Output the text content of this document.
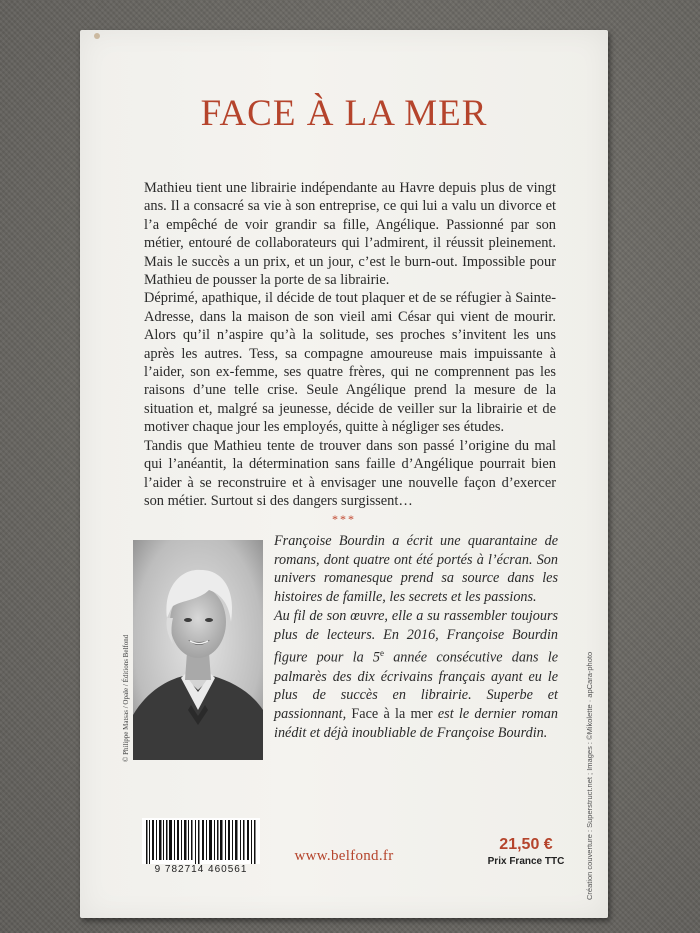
FACE À LA MER

Mathieu tient une librairie indépendante au Havre depuis plus de vingt ans. Il a consacré sa vie à son entreprise, ce qui lui a valu un divorce et l’a empêché de voir grandir sa fille, Angélique. Passionné par son métier, entouré de collaborateurs qui l’admirent, il réussit pleinement. Mais le succès a un prix, et un jour, c’est le burn-out. Impossible pour Mathieu de pousser la porte de sa librairie.

Déprimé, apathique, il décide de tout plaquer et de se réfugier à Sainte-Adresse, dans la maison de son vieil ami César qui vient de mourir. Alors qu’il n’aspire qu’à la solitude, ses proches s’invitent les uns après les autres. Tess, sa compagne amoureuse mais impuissante à l’aider, son ex-femme, ses quatre frères, qui ne comprennent pas les raisons d’une telle crise. Seule Angélique prend la mesure de la situation et, malgré sa jeunesse, décide de veiller sur la librairie et de motiver chaque jour les employés, quitte à négliger ses études.

Tandis que Mathieu tente de trouver dans son passé l’origine du mal qui l’anéantit, la détermination sans faille d’Angélique pourrait bien l’aider à se reconstruire et à envisager une nouvelle façon d’exercer son métier. Surtout si des dangers surgissent…

***
© Philippe Matsas / Opale / Éditions Belfond

Françoise Bourdin a écrit une quarantaine de romans, dont quatre ont été portés à l’écran. Son univers romanesque prend sa source dans les histoires de famille, les secrets et les passions.

Au fil de son œuvre, elle a su rassembler toujours plus de lecteurs. En 2016, Françoise Bourdin figure pour la 5e année consécutive dans le palmarès des dix écrivains français ayant eu le plus de succès en librairie. Superbe et passionnant, Face à la mer est le dernier roman inédit et déjà inoubliable de Françoise Bourdin.

9 782714 460561
www.belfond.fr
21,50 €
Prix France TTC	Création couverture : Superstruct.net ; Images : ©Mikolette · apCara-photo
